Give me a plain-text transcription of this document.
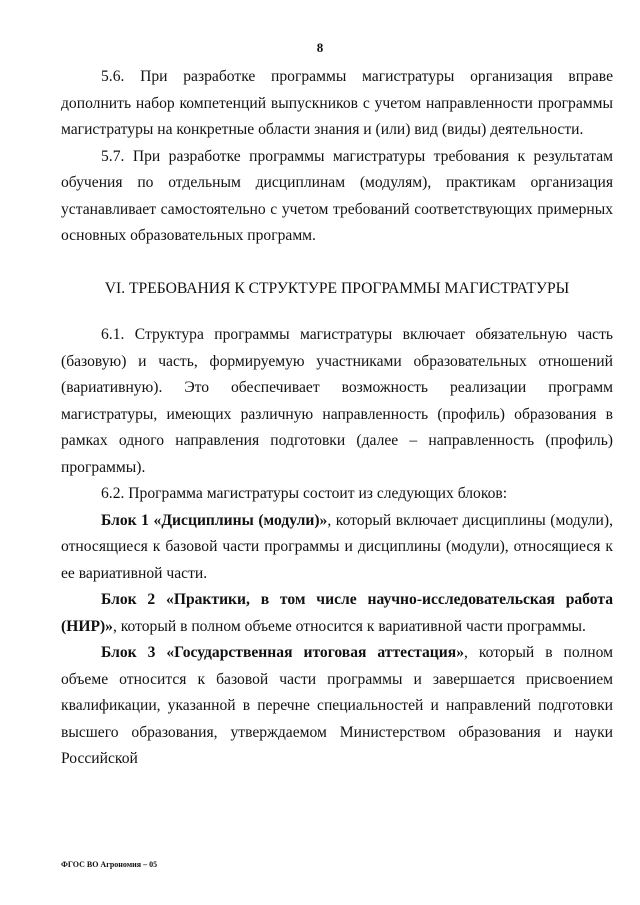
8

5.6. При разработке программы магистратуры организация вправе дополнить набор компетенций выпускников с учетом направленности программы магистратуры на конкретные области знания и (или) вид (виды) деятельности.

5.7. При разработке программы магистратуры требования к результатам обучения по отдельным дисциплинам (модулям), практикам организация устанавливает самостоятельно с учетом требований соответствующих примерных основных образовательных программ.

VI. ТРЕБОВАНИЯ К СТРУКТУРЕ ПРОГРАММЫ МАГИСТРАТУРЫ

6.1. Структура программы магистратуры включает обязательную часть (базовую) и часть, формируемую участниками образовательных отношений (вариативную). Это обеспечивает возможность реализации программ магистратуры, имеющих различную направленность (профиль) образования в рамках одного направления подготовки (далее – направленность (профиль) программы).

6.2. Программа магистратуры состоит из следующих блоков:

Блок 1 «Дисциплины (модули)», который включает дисциплины (модули), относящиеся к базовой части программы и дисциплины (модули), относящиеся к ее вариативной части.

Блок 2 «Практики, в том числе научно-исследовательская работа (НИР)», который в полном объеме относится к вариативной части программы.

Блок 3 «Государственная итоговая аттестация», который в полном объеме относится к базовой части программы и завершается присвоением квалификации, указанной в перечне специальностей и направлений подготовки высшего образования, утверждаемом Министерством образования и науки Российской

ФГОС ВО Агрономия – 05
